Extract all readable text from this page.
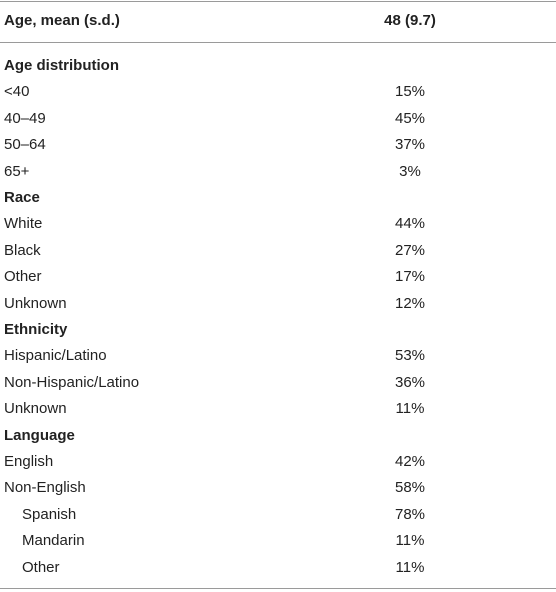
Age, mean (s.d.)	48 (9.7)
Age distribution
<40	15%
40–49	45%
50–64	37%
65+	3%
Race
White	44%
Black	27%
Other	17%
Unknown	12%
Ethnicity
Hispanic/Latino	53%
Non-Hispanic/Latino	36%
Unknown	11%
Language
English	42%
Non-English	58%
Spanish	78%
Mandarin	11%
Other	11%
